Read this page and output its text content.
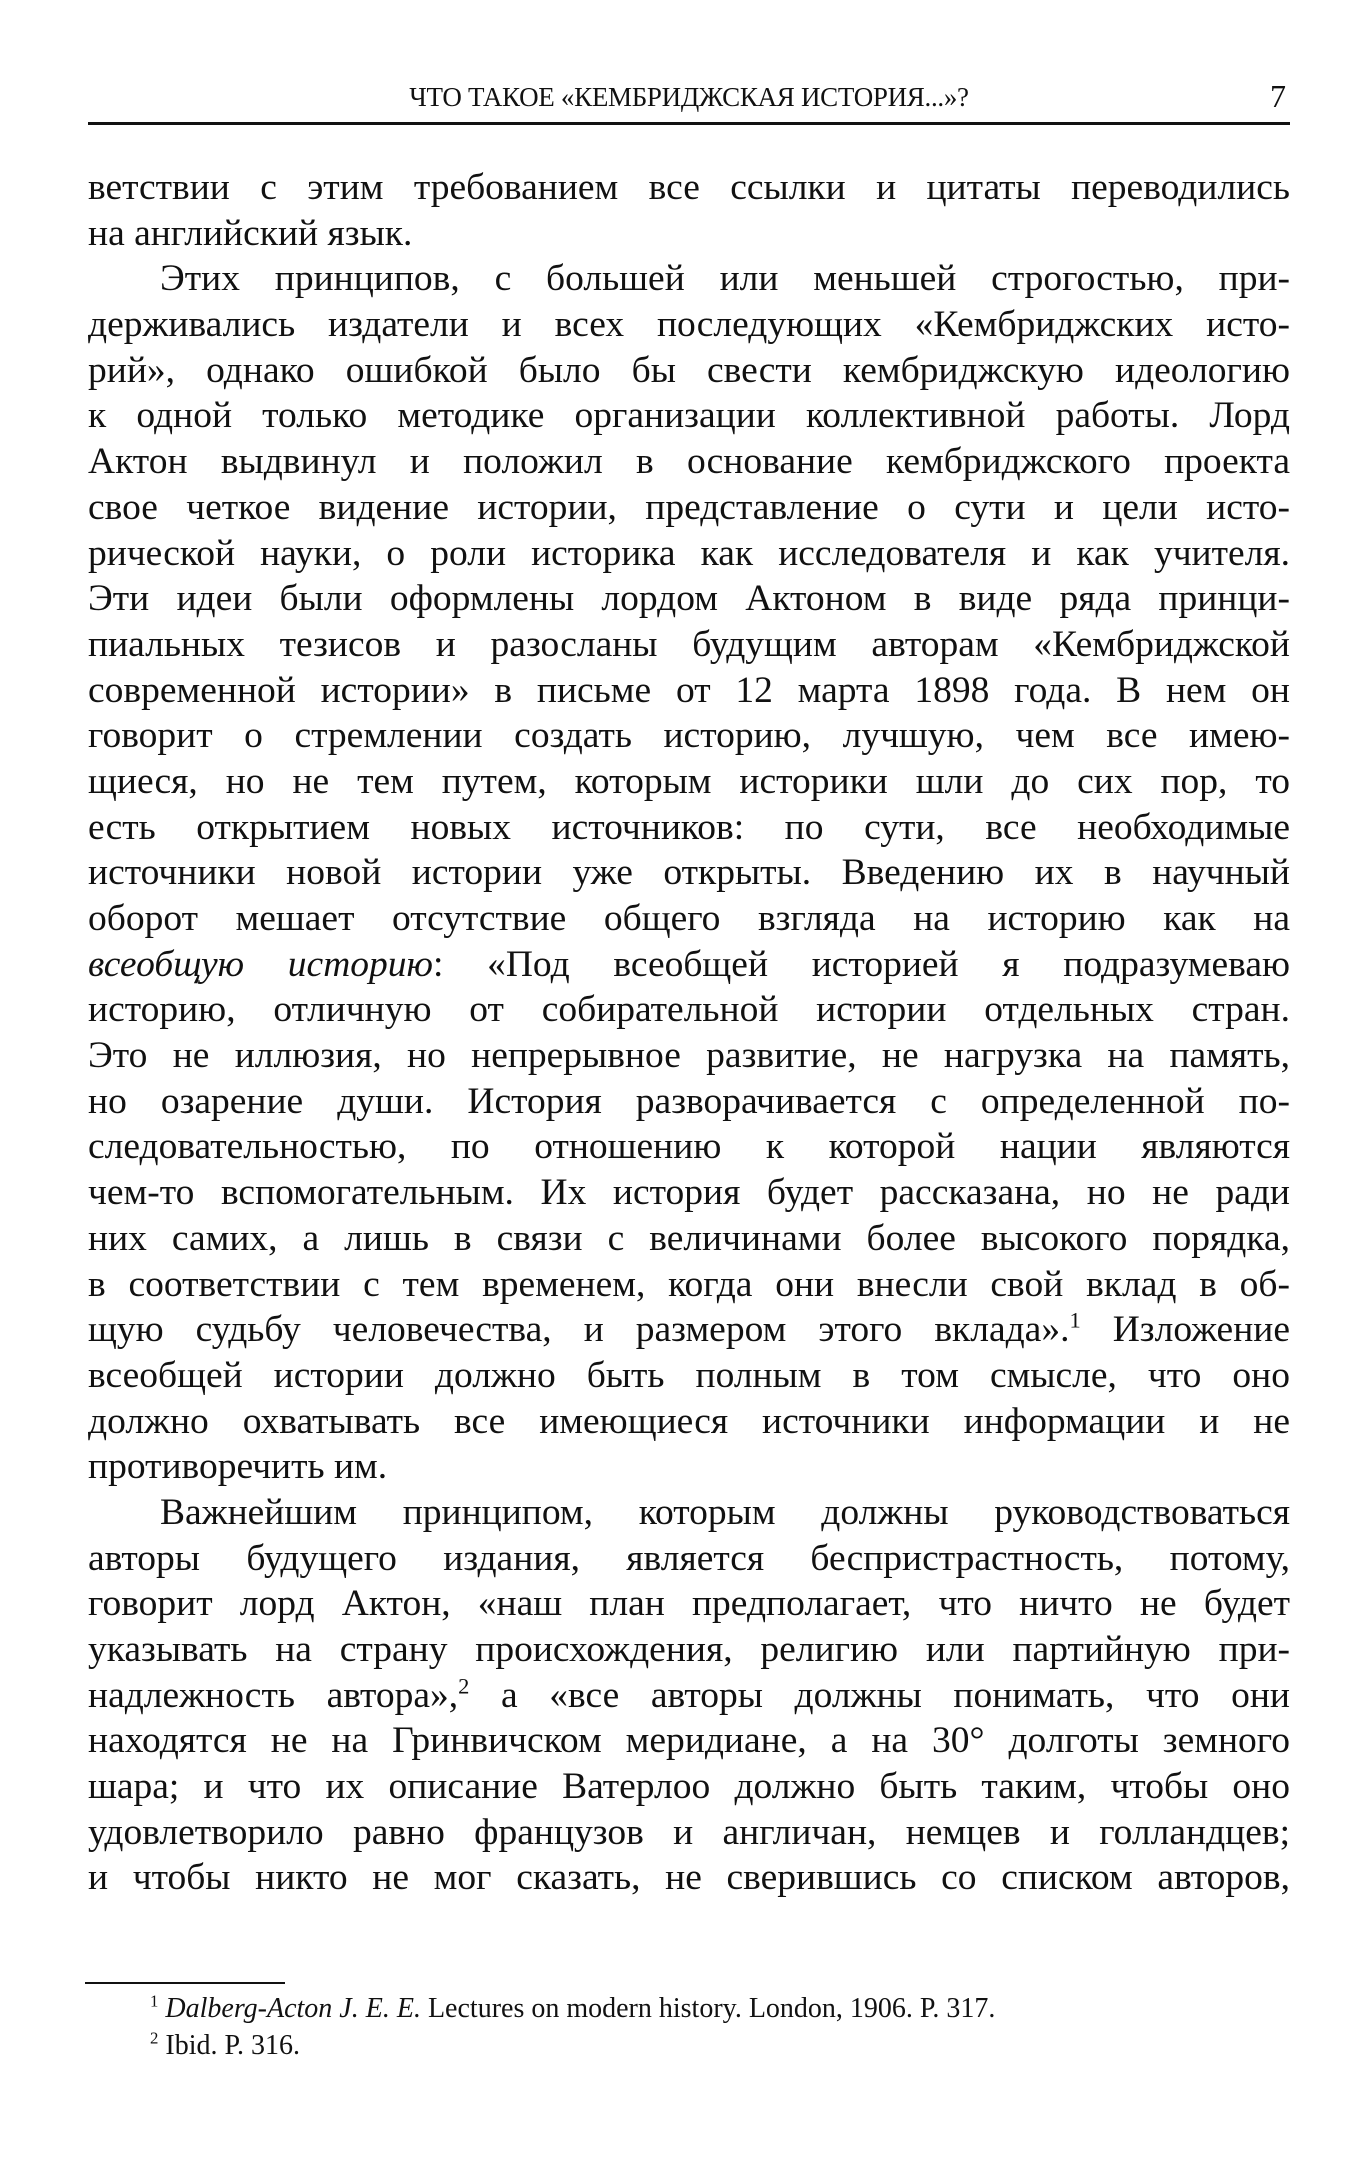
ЧТО ТАКОЕ «КЕМБРИДЖСКАЯ ИСТОРИЯ...»?	7
ветствии с этим требованием все ссылки и цитаты переводились
на английский язык.
Этих принципов, с большей или меньшей строгостью, при-
держивались издатели и всех последующих «Кембриджских исто-
рий», однако ошибкой было бы свести кембриджскую идеологию
к одной только методике организации коллективной работы. Лорд
Актон выдвинул и положил в основание кембриджского проекта
свое четкое видение истории, представление о сути и цели исто-
рической науки, о роли историка как исследователя и как учителя.
Эти идеи были оформлены лордом Актоном в виде ряда принци-
пиальных тезисов и разосланы будущим авторам «Кембриджской
современной истории» в письме от 12 марта 1898 года. В нем он
говорит о стремлении создать историю, лучшую, чем все имею-
щиеся, но не тем путем, которым историки шли до сих пор, то
есть открытием новых источников: по сути, все необходимые
источники новой истории уже открыты. Введению их в научный
оборот мешает отсутствие общего взгляда на историю как на
всеобщую историю: «Под всеобщей историей я подразумеваю
историю, отличную от собирательной истории отдельных стран.
Это не иллюзия, но непрерывное развитие, не нагрузка на память,
но озарение души. История разворачивается с определенной по-
следовательностью, по отношению к которой нации являются
чем-то вспомогательным. Их история будет рассказана, но не ради
них самих, а лишь в связи с величинами более высокого порядка,
в соответствии с тем временем, когда они внесли свой вклад в об-
щую судьбу человечества, и размером этого вклада».$^1$ Изложение
всеобщей истории должно быть полным в том смысле, что оно
должно охватывать все имеющиеся источники информации и не
противоречить им.
Важнейшим принципом, которым должны руководствоваться
авторы будущего издания, является беспристрастность, потому,
говорит лорд Актон, «наш план предполагает, что ничто не будет
указывать на страну происхождения, религию или партийную при-
надлежность автора»,$^2$ а «все авторы должны понимать, что они
находятся не на Гринвичском меридиане, а на 30° долготы земного
шара; и что их описание Ватерлоо должно быть таким, чтобы оно
удовлетворило равно французов и англичан, немцев и голландцев;
и чтобы никто не мог сказать, не сверившись со списком авторов,
$^1$ Dalberg-Acton J. E. E. Lectures on modern history. London, 1906. P. 317.
$^2$ Ibid. P. 316.
